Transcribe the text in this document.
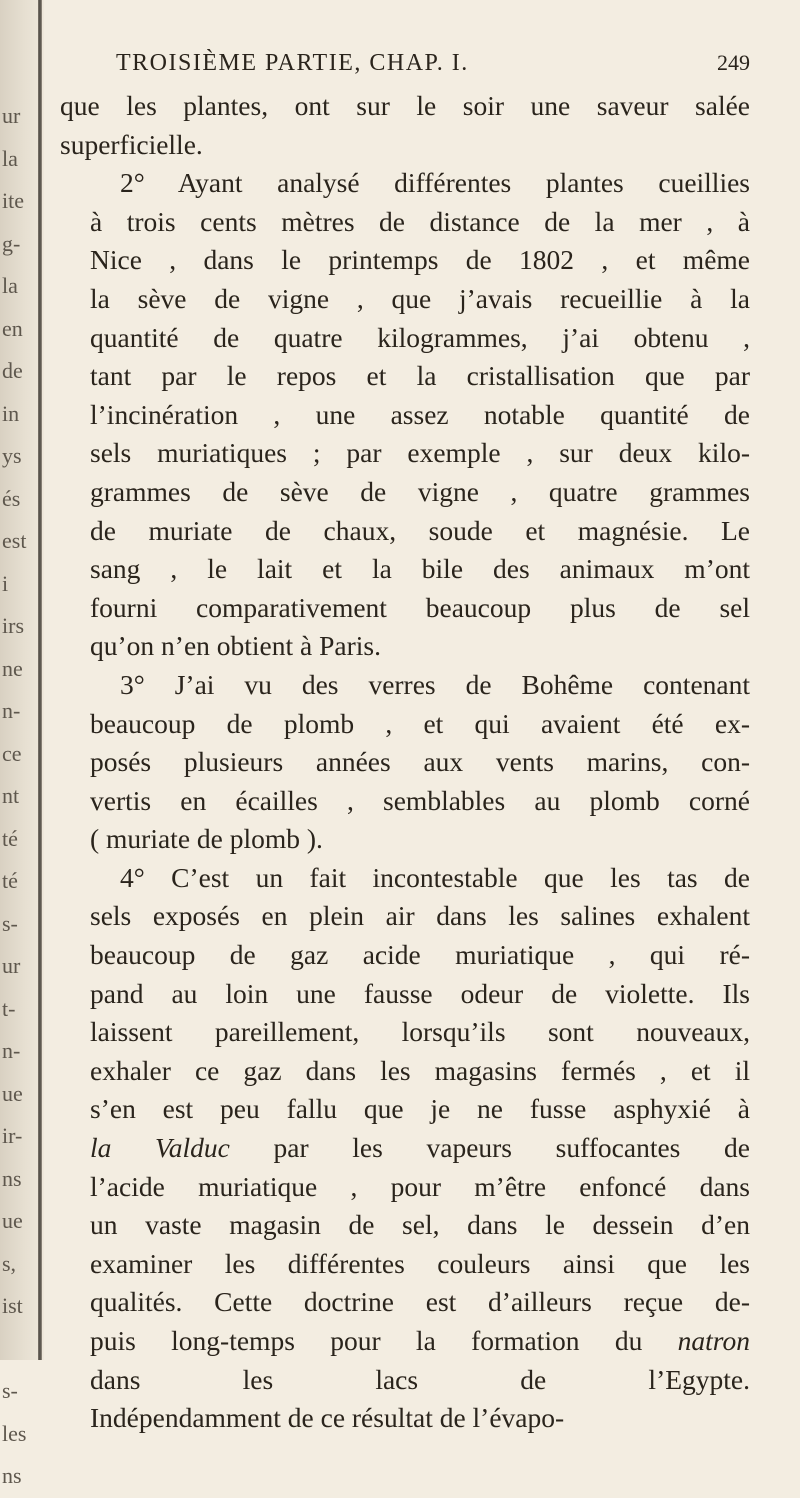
ur
la
ite
g-
la
en
de
in
ys
és
est
i
irs
ne
n-
ce
nt
té
té
s-
ur
t-
n-
ue
ir-
ns
ue
s,
ist
s-
les
ns
TROISIÈME PARTIE, CHAP. I.	249
que les plantes, ont sur le soir une saveur salée
superficielle.
2° Ayant analysé différentes plantes cueillies
à trois cents mètres de distance de la mer , à
Nice , dans le printemps de 1802 , et même
la sève de vigne , que j’avais recueillie à la
quantité de quatre kilogrammes, j’ai obtenu ,
tant par le repos et la cristallisation que par
l’incinération , une assez notable quantité de
sels muriatiques ; par exemple , sur deux kilo-
grammes de sève de vigne , quatre grammes
de muriate de chaux, soude et magnésie. Le
sang , le lait et la bile des animaux m’ont
fourni comparativement beaucoup plus de sel
qu’on n’en obtient à Paris.
3° J’ai vu des verres de Bohême contenant
beaucoup de plomb , et qui avaient été ex-
posés plusieurs années aux vents marins, con-
vertis en écailles , semblables au plomb corné
( muriate de plomb ).
4° C’est un fait incontestable que les tas de
sels exposés en plein air dans les salines exhalent
beaucoup de gaz acide muriatique , qui ré-
pand au loin une fausse odeur de violette. Ils
laissent pareillement, lorsqu’ils sont nouveaux,
exhaler ce gaz dans les magasins fermés , et il
s’en est peu fallu que je ne fusse asphyxié à
la Valduc par les vapeurs suffocantes de
l’acide muriatique , pour m’être enfoncé dans
un vaste magasin de sel, dans le dessein d’en
examiner les différentes couleurs ainsi que les
qualités. Cette doctrine est d’ailleurs reçue de-
puis long-temps pour la formation du natron
dans les lacs de l’Egypte.
Indépendamment de ce résultat de l’évapo-
